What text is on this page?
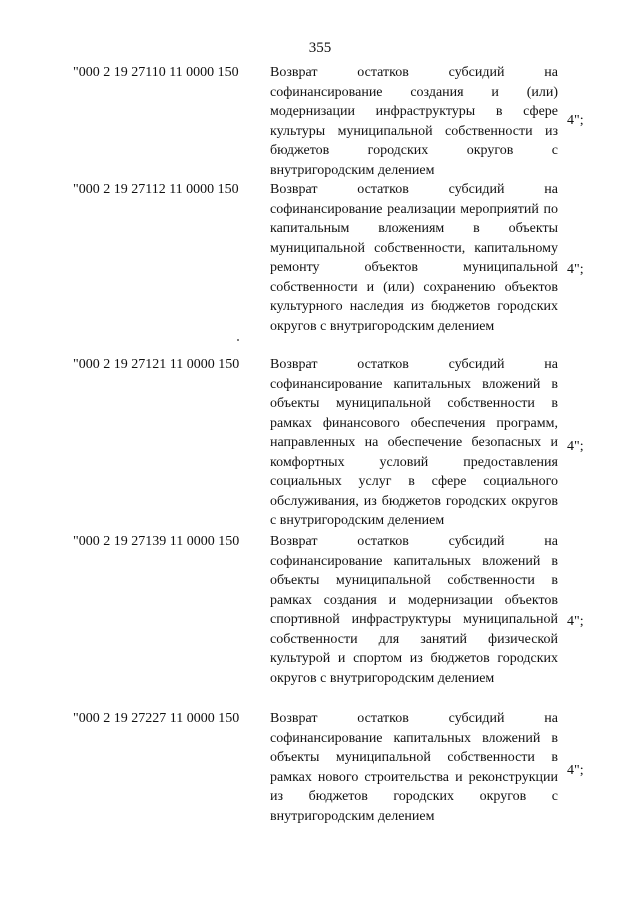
355
"000 2 19 27110 11 0000 150 Возврат остатков субсидий на софинансирование создания и (или) модернизации инфраструктуры в сфере культуры муниципальной собственности из бюджетов городских округов с внутригородским делением
4";
"000 2 19 27112 11 0000 150 Возврат остатков субсидий на софинансирование реализации мероприятий по капитальным вложениям в объекты муниципальной собственности, капитальному ремонту объектов муниципальной собственности и (или) сохранению объектов культурного наследия из бюджетов городских округов с внутригородским делением
4";
"000 2 19 27121 11 0000 150 Возврат остатков субсидий на софинансирование капитальных вложений в объекты муниципальной собственности в рамках финансового обеспечения программ, направленных на обеспечение безопасных и комфортных условий предоставления социальных услуг в сфере социального обслуживания, из бюджетов городских округов с внутригородским делением
4";
"000 2 19 27139 11 0000 150 Возврат остатков субсидий на софинансирование капитальных вложений в объекты муниципальной собственности в рамках создания и модернизации объектов спортивной инфраструктуры муниципальной собственности для занятий физической культурой и спортом из бюджетов городских округов с внутригородским делением
4";
"000 2 19 27227 11 0000 150 Возврат остатков субсидий на софинансирование капитальных вложений в объекты муниципальной собственности в рамках нового строительства и реконструкции из бюджетов городских округов с внутригородским делением
4";
